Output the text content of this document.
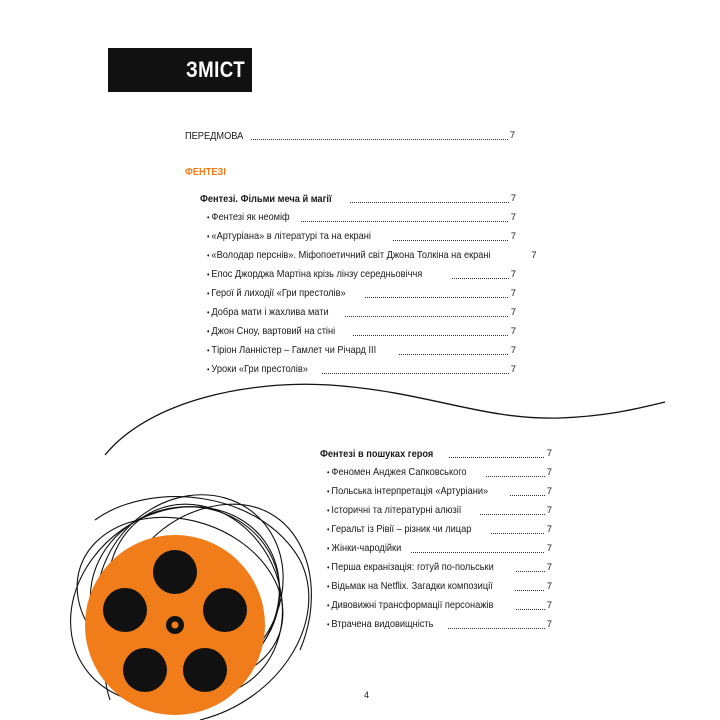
ЗМІСТ
ПЕРЕДМОВА	7
ФЕНТЕЗІ
Фентезі. Фільми меча й магії	7
• Фентезі як неоміф	7
• «Артуріана» в літературі та на екрані	7
• «Володар перснів». Міфопоетичний світ Джона Толкіна на екрані	7
• Епос Джорджа Мартіна крізь лінзу середньовіччя	7
• Герої й лиходії «Гри престолів»	7
• Добра мати і жахлива мати	7
• Джон Сноу, вартовий на стіні	7
• Тіріон Ланністер – Гамлет чи Річард ІІІ	7
• Уроки «Гри престолів»	7
Фентезі в пошуках героя	7
• Феномен Анджея Сапковського	7
• Польська інтерпретація «Артуріани»	7
• Історичні та літературні алюзії	7
• Геральт із Рівії – різник чи лицар	7
• Жінки-чародійки	7
• Перша екранізація: готуй по-польськи	7
• Відьмак на Netflix. Загадки композиції	7
• Дивовижні трансформації персонажів	7
• Втрачена видовищність	7
4
